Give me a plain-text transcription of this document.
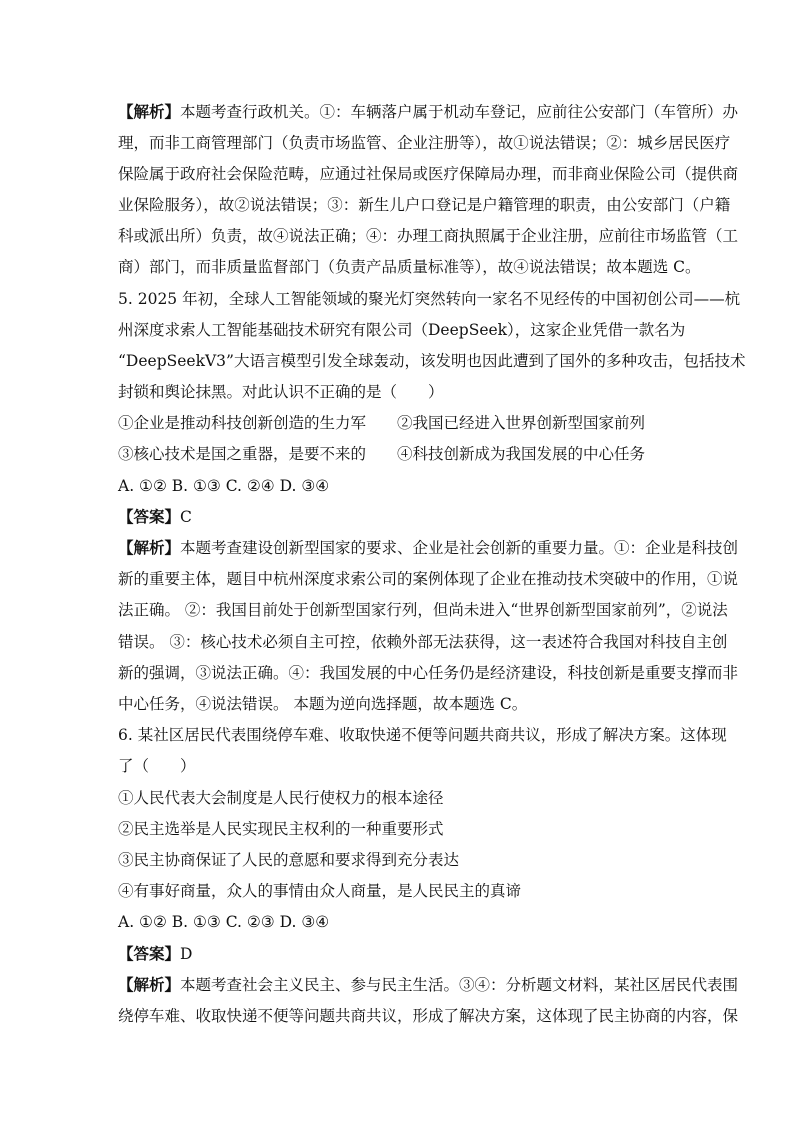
【解析】本题考查行政机关。①：车辆落户属于机动车登记，应前往公安部门（车管所）办
理，而非工商管理部门（负责市场监管、企业注册等），故①说法错误；②：城乡居民医疗
保险属于政府社会保险范畴，应通过社保局或医疗保障局办理，而非商业保险公司（提供商
业保险服务），故②说法错误；③：新生儿户口登记是户籍管理的职责，由公安部门（户籍
科或派出所）负责，故④说法正确；④：办理工商执照属于企业注册，应前往市场监管（工
商）部门，而非质量监督部门（负责产品质量标准等），故④说法错误；故本题选 C。
5. 2025 年初，全球人工智能领域的聚光灯突然转向一家名不见经传的中国初创公司——杭
州深度求索人工智能基础技术研究有限公司（DeepSeek），这家企业凭借一款名为
“DeepSeekV3”大语言模型引发全球轰动，该发明也因此遭到了国外的多种攻击，包括技术
封锁和舆论抹黑。对此认识不正确的是（　　）
①企业是推动科技创新创造的生力军　　②我国已经进入世界创新型国家前列
③核心技术是国之重器，是要不来的　　④科技创新成为我国发展的中心任务
A. ①② B. ①③ C. ②④ D. ③④
【答案】C
【解析】本题考查建设创新型国家的要求、企业是社会创新的重要力量。①：企业是科技创
新的重要主体，题目中杭州深度求索公司的案例体现了企业在推动技术突破中的作用，①说
法正确。 ②：我国目前处于创新型国家行列，但尚未进入“世界创新型国家前列”，②说法
错误。 ③：核心技术必须自主可控，依赖外部无法获得，这一表述符合我国对科技自主创
新的强调，③说法正确。④：我国发展的中心任务仍是经济建设，科技创新是重要支撑而非
中心任务，④说法错误。 本题为逆向选择题，故本题选 C。
6. 某社区居民代表围绕停车难、收取快递不便等问题共商共议，形成了解决方案。这体现
了（　　）
①人民代表大会制度是人民行使权力的根本途径
②民主选举是人民实现民主权利的一种重要形式
③民主协商保证了人民的意愿和要求得到充分表达
④有事好商量，众人的事情由众人商量，是人民民主的真谛
A. ①② B. ①③ C. ②③ D. ③④
【答案】D
【解析】本题考查社会主义民主、参与民主生活。③④：分析题文材料，某社区居民代表围
绕停车难、收取快递不便等问题共商共议，形成了解决方案，这体现了民主协商的内容，保
